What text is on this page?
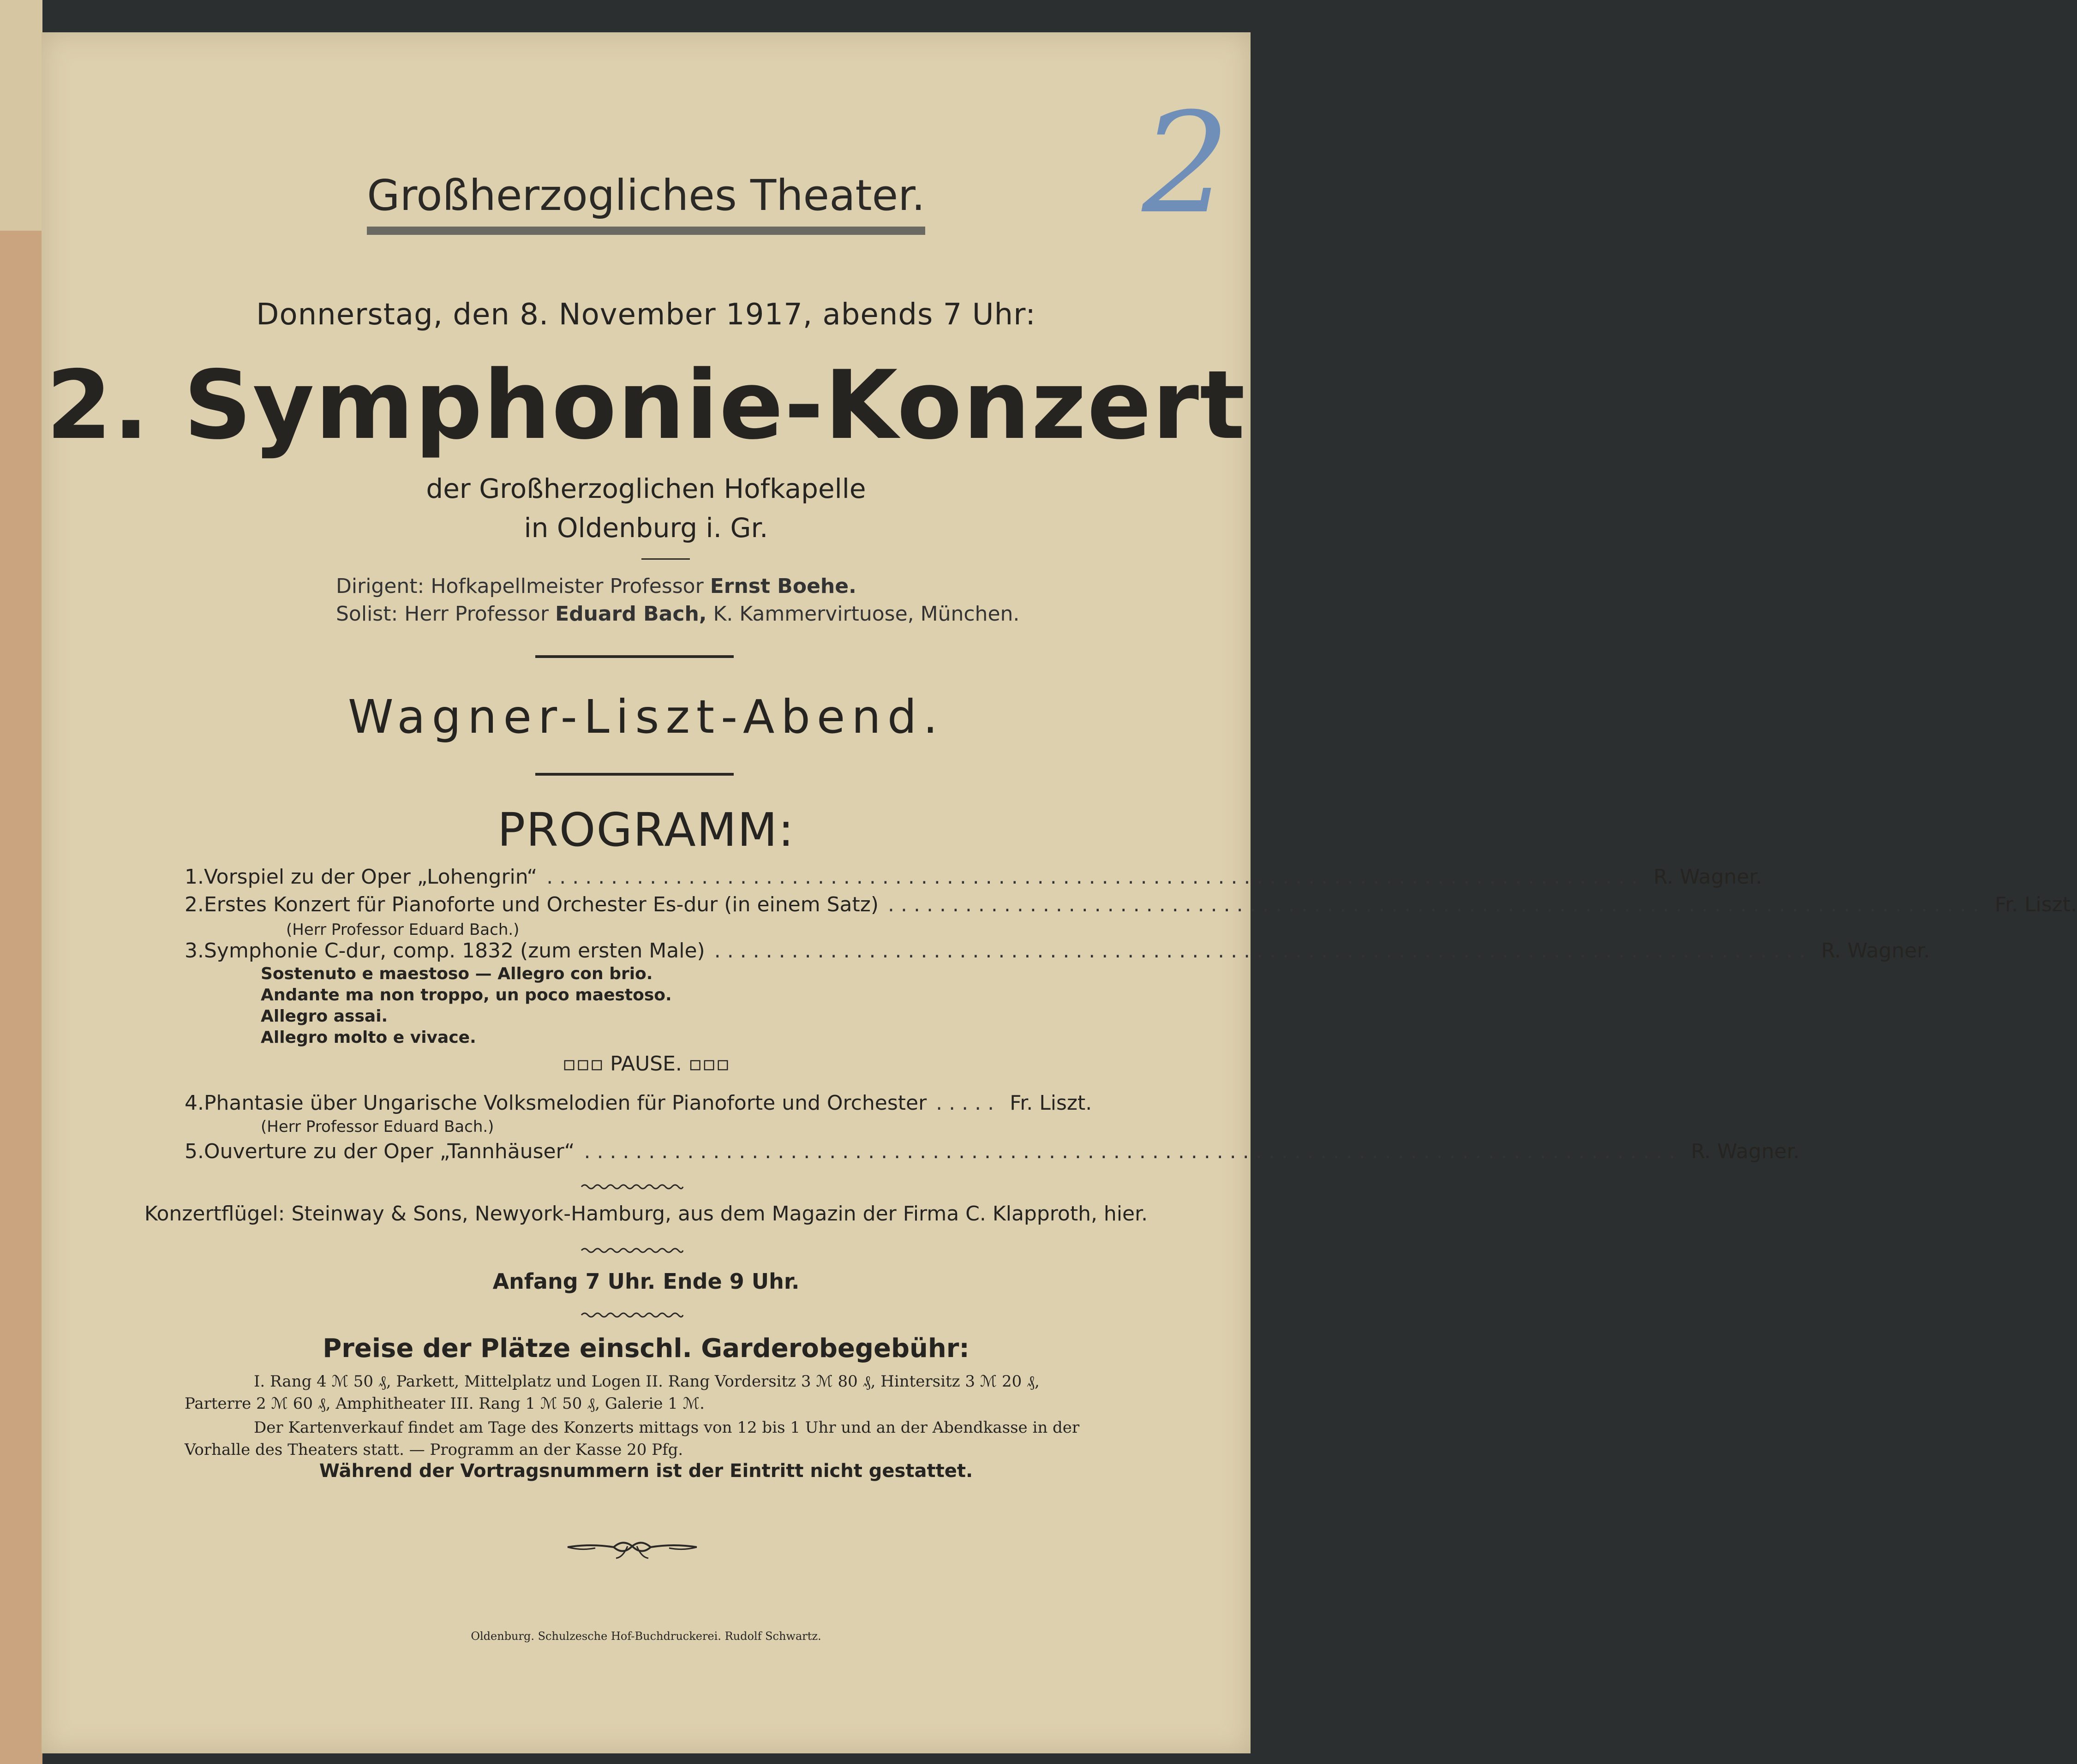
2
Großherzogliches Theater.
Donnerstag, den 8. November 1917, abends 7 Uhr:
2. Symphonie-Konzert
der Großherzoglichen Hofkapelle
in Oldenburg i. Gr.
Dirigent: Hofkapellmeister Professor Ernst Boehe.
Solist: Herr Professor Eduard Bach, K. Kammervirtuose, München.
Wagner-Liszt-Abend.
PROGRAMM:
1. Vorspiel zu der Oper „Lohengrin“ ..................................................................................... R. Wagner.
2. Erstes Konzert für Pianoforte und Orchester Es-dur (in einem Satz) ..................................................................................... Fr. Liszt.
(Herr Professor Eduard Bach.)
3. Symphonie C-dur, comp. 1832 (zum ersten Male) ..................................................................................... R. Wagner.
Sostenuto e maestoso — Allegro con brio.
Andante ma non troppo, un poco maestoso.
Allegro assai.
Allegro molto e vivace.
▫▫▫ PAUSE. ▫▫▫
4. Phantasie über Ungarische Volksmelodien für Pianoforte und Orchester ..... Fr. Liszt.
(Herr Professor Eduard Bach.)
5. Ouverture zu der Oper „Tannhäuser“ ..................................................................................... R. Wagner.
Konzertflügel: Steinway & Sons, Newyork-Hamburg, aus dem Magazin der Firma C. Klapproth, hier.
Anfang 7 Uhr. Ende 9 Uhr.
Preise der Plätze einschl. Garderobegebühr:
I. Rang 4 ℳ 50 ₰, Parkett, Mittelplatz und Logen II. Rang Vordersitz 3 ℳ 80 ₰, Hintersitz 3 ℳ 20 ₰, Parterre 2 ℳ 60 ₰, Amphitheater III. Rang 1 ℳ 50 ₰, Galerie 1 ℳ.
Der Kartenverkauf findet am Tage des Konzerts mittags von 12 bis 1 Uhr und an der Abendkasse in der Vorhalle des Theaters statt. — Programm an der Kasse 20 Pfg.
Während der Vortragsnummern ist der Eintritt nicht gestattet.
Oldenburg. Schulzesche Hof-Buchdruckerei. Rudolf Schwartz.
